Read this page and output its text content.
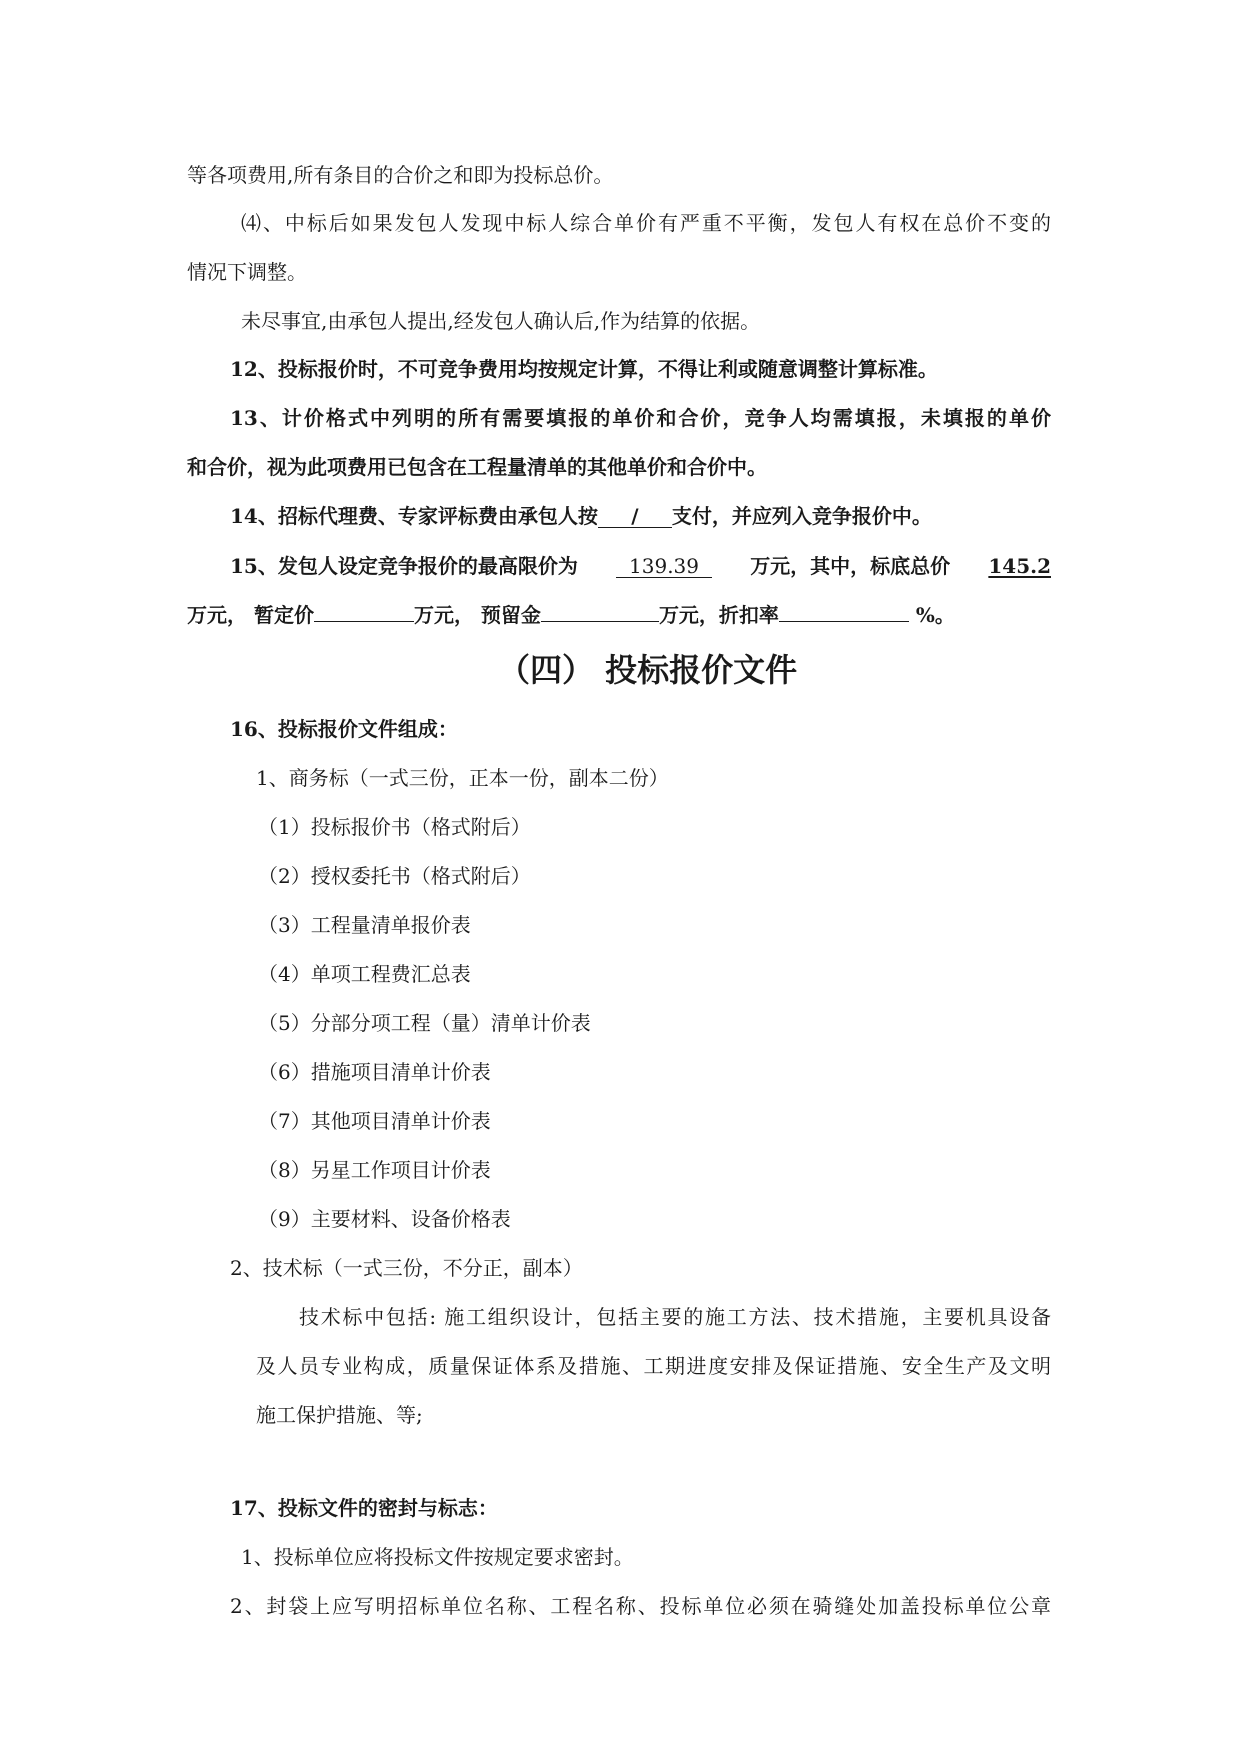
等各项费用,所有条目的合价之和即为投标总价。
⑷、中标后如果发包人发现中标人综合单价有严重不平衡，发包人有权在总价不变的
情况下调整。
未尽事宜,由承包人提出,经发包人确认后,作为结算的依据。
12、投标报价时，不可竞争费用均按规定计算，不得让利或随意调整计算标准。
13、计价格式中列明的所有需要填报的单价和合价，竞争人均需填报，未填报的单价
和合价，视为此项费用已包含在工程量清单的其他单价和合价中。
14、招标代理费、专家评标费由承包人按 / 支付，并应列入竞争报价中。
15、发包人设定竞争报价的最高限价为	139.39	万元，其中，标底总价 145.2
万元， 暂定价	万元， 预留金	万元，折扣率	%。
（四） 投标报价文件
16、投标报价文件组成：
1、商务标（一式三份，正本一份，副本二份）
（1）投标报价书（格式附后）
（2）授权委托书（格式附后）
（3）工程量清单报价表
（4）单项工程费汇总表
（5）分部分项工程（量）清单计价表
（6）措施项目清单计价表
（7）其他项目清单计价表
（8）另星工作项目计价表
（9）主要材料、设备价格表
2、技术标（一式三份，不分正，副本）
技术标中包括: 施工组织设计，包括主要的施工方法、技术措施，主要机具设备
及人员专业构成，质量保证体系及措施、工期进度安排及保证措施、安全生产及文明
施工保护措施、等;
17、投标文件的密封与标志：
1、投标单位应将投标文件按规定要求密封。
2、封袋上应写明招标单位名称、工程名称、投标单位必须在骑缝处加盖投标单位公章
